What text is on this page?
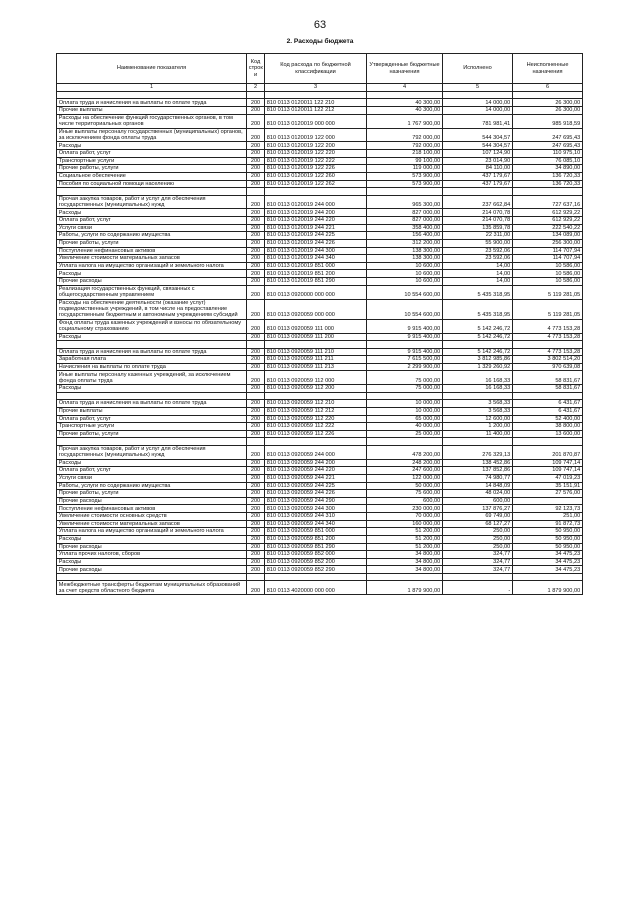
63
2. Расходы бюджета
Наименование показателя	Код строк и	Код расхода по бюджетной классификации	Утвержденные бюджетные назначения	Исполнено	Неисполненные назначения
1	2	3	4	5	6

Оплата труда и начисления на выплаты по оплате труда	200	810 0113 0120011 122 210	40 300,00	14 000,00	26 300,00
Прочие выплаты	200	810 0113 0120011 122 212	40 300,00	14 000,00	26 300,00
Расходы на обеспечение функций государственных органов, в том числе территориальных органов	200	810 0113 0120019 000 000	1 767 900,00	781 981,41	985 918,59
Иные выплаты персоналу государственных (муниципальных) органов, за исключением фонда оплаты труда	200	810 0113 0120019 122 000	792 000,00	544 304,57	247 695,43
Расходы	200	810 0113 0120019 122 200	792 000,00	544 304,57	247 695,43
Оплата работ, услуг	200	810 0113 0120019 122 220	218 100,00	107 124,90	110 975,10
Транспортные услуги	200	810 0113 0120019 122 222	99 100,00	23 014,90	76 085,10
Прочие работы, услуги	200	810 0113 0120019 122 226	119 000,00	84 110,00	34 890,00
Социальное обеспечение	200	810 0113 0120019 122 260	573 900,00	437 179,67	136 720,33
Пособия по социальной помощи населению	200	810 0113 0120019 122 262	573 900,00	437 179,67	136 720,33

Прочая закупка товаров, работ и услуг для обеспечения государственных (муниципальных) нужд	200	810 0113 0120019 244 000	965 300,00	237 662,84	727 637,16
Расходы	200	810 0113 0120019 244 200	827 000,00	214 070,78	612 929,22
Оплата работ, услуг	200	810 0113 0120019 244 220	827 000,00	214 070,78	612 929,22
Услуги связи	200	810 0113 0120019 244 221	358 400,00	135 859,78	222 540,22
Работы, услуги по содержанию имущества	200	810 0113 0120019 244 225	156 400,00	22 311,00	134 089,00
Прочие работы, услуги	200	810 0113 0120019 244 226	312 200,00	55 900,00	256 300,00
Поступление нефинансовых активов	200	810 0113 0120019 244 300	138 300,00	23 592,06	114 707,94
Увеличение стоимости материальных запасов	200	810 0113 0120019 244 340	138 300,00	23 592,06	114 707,94
Уплата налога на имущество организаций и земельного налога	200	810 0113 0120019 851 000	10 600,00	14,00	10 586,00
Расходы	200	810 0113 0120019 851 200	10 600,00	14,00	10 586,00
Прочие расходы	200	810 0113 0120019 851 290	10 600,00	14,00	10 586,00
Реализация государственных функций, связанных с общегосударственным управлением	200	810 0113 0920000 000 000	10 554 600,00	5 435 318,95	5 119 281,05
Расходы на обеспечение деятельности (оказание услуг) подведомственных учреждений, в том числе на предоставление государственным бюджетным и автономным учреждениям субсидий	200	810 0113 0920059 000 000	10 554 600,00	5 435 318,95	5 119 281,05
Фонд оплаты труда казенных учреждений и взносы по обязательному социальному страхованию	200	810 0113 0920059 111 000	9 915 400,00	5 142 246,72	4 773 153,28
Расходы	200	810 0113 0920059 111 200	9 915 400,00	5 142 246,72	4 773 153,28

Оплата труда и начисления на выплаты по оплате труда	200	810 0113 0920059 111 210	9 915 400,00	5 142 246,72	4 773 153,28
Заработная плата	200	810 0113 0920059 111 211	7 615 500,00	3 812 985,86	3 802 514,20
Начисления на выплаты по оплате труда	200	810 0113 0920059 111 213	2 299 900,00	1 329 260,92	970 639,08
Иные выплаты персоналу казенных учреждений, за исключением фонда оплаты труда	200	810 0113 0920059 112 000	75 000,00	16 168,33	58 831,67
Расходы	200	810 0113 0920059 112 200	75 000,00	16 168,33	58 831,67

Оплата труда и начисления на выплаты по оплате труда	200	810 0113 0920059 112 210	10 000,00	3 568,33	6 431,67
Прочие выплаты	200	810 0113 0920059 112 212	10 000,00	3 568,33	6 431,67
Оплата работ, услуг	200	810 0113 0920059 112 220	65 000,00	12 600,00	52 400,00
Транспортные услуги	200	810 0113 0920059 112 222	40 000,00	1 200,00	38 800,00
Прочие работы, услуги	200	810 0113 0920059 112 226	25 000,00	11 400,00	13 600,00

Прочая закупка товаров, работ и услуг для обеспечения государственных (муниципальных) нужд	200	810 0113 0920059 244 000	478 200,00	276 329,13	201 870,87
Расходы	200	810 0113 0920059 244 200	248 200,00	138 452,86	109 747,14
Оплата работ, услуг	200	810 0113 0920059 244 220	247 600,00	137 852,86	109 747,14
Услуги связи	200	810 0113 0920059 244 221	122 000,00	74 980,77	47 019,23
Работы, услуги по содержанию имущества	200	810 0113 0920059 244 225	50 000,00	14 848,09	35 151,91
Прочие работы, услуги	200	810 0113 0920059 244 226	75 600,00	48 024,00	27 576,00
Прочие расходы	200	810 0113 0920059 244 290	600,00	600,00	
Поступление нефинансовых активов	200	810 0113 0920059 244 300	230 000,00	137 876,27	92 123,73
Увеличение стоимости основных средств	200	810 0113 0920059 244 310	70 000,00	69 749,00	251,00
Увеличение стоимости материальных запасов	200	810 0113 0920059 244 340	160 000,00	68 127,27	91 872,73
Уплата налога на имущество организаций и земельного налога	200	810 0113 0920059 851 000	51 200,00	250,00	50 950,00
Расходы	200	810 0113 0920059 851 200	51 200,00	250,00	50 950,00
Прочие расходы	200	810 0113 0920059 851 290	51 200,00	250,00	50 950,00
Уплата прочих налогов, сборов	200	810 0113 0920059 852 000	34 800,00	324,77	34 475,23
Расходы	200	810 0113 0920059 852 200	34 800,00	324,77	34 475,23
Прочие расходы	200	810 0113 0920059 852 290	34 800,00	324,77	34 475,23

Межбюджетные трансферты бюджетам муниципальных образований за счет средств областного бюджета	200	810 0113 4020000 000 000	1 879 900,00	-	1 879 900,00
